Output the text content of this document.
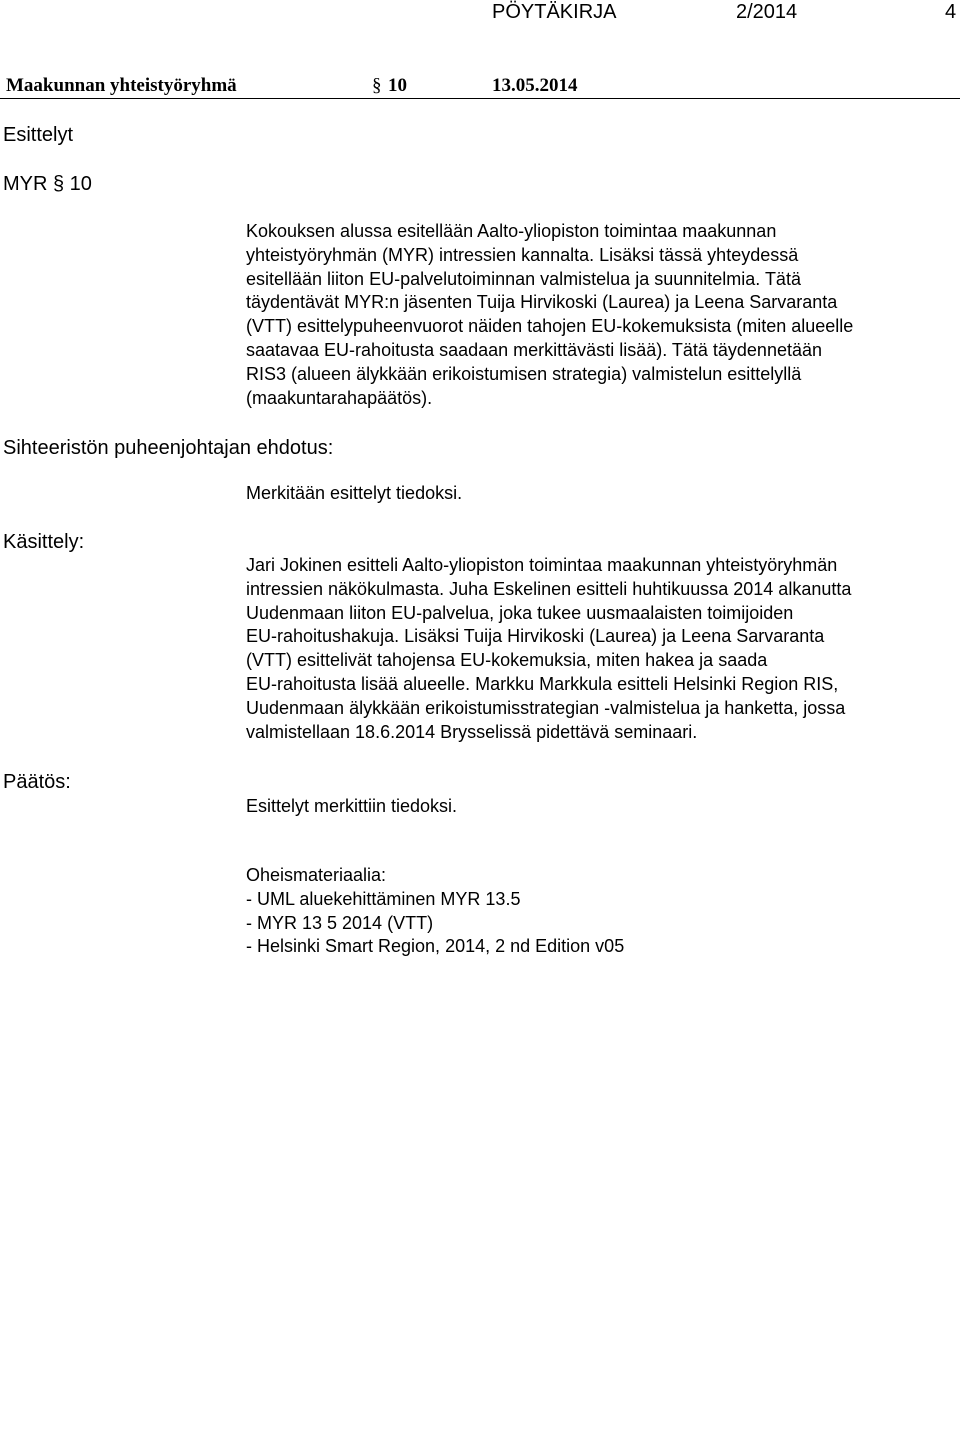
PÖYTÄKIRJA	2/2014	4
Maakunnan yhteistyöryhmä	§ 10	13.05.2014
Esittelyt
MYR § 10
Kokouksen alussa esitellään Aalto-yliopiston toimintaa maakunnan
yhteistyöryhmän (MYR) intressien kannalta. Lisäksi tässä yhteydessä
esitellään liiton EU-palvelutoiminnan valmistelua ja suunnitelmia. Tätä
täydentävät MYR:n jäsenten Tuija Hirvikoski (Laurea) ja Leena Sarvaranta
(VTT) esittelypuheenvuorot näiden tahojen EU-kokemuksista (miten alueelle
saatavaa EU-rahoitusta saadaan merkittävästi lisää). Tätä täydennetään
RIS3 (alueen älykkään erikoistumisen strategia) valmistelun esittelyllä
(maakuntarahapäätös).
Sihteeristön puheenjohtajan ehdotus:
Merkitään esittelyt tiedoksi.
Käsittely:
Jari Jokinen esitteli Aalto-yliopiston toimintaa maakunnan yhteistyöryhmän
intressien näkökulmasta. Juha Eskelinen esitteli huhtikuussa 2014 alkanutta
Uudenmaan liiton EU-palvelua, joka tukee uusmaalaisten toimijoiden
EU-rahoitushakuja. Lisäksi Tuija Hirvikoski (Laurea) ja Leena Sarvaranta
(VTT) esittelivät tahojensa EU-kokemuksia, miten hakea ja saada
EU-rahoitusta lisää alueelle. Markku Markkula esitteli Helsinki Region RIS,
Uudenmaan älykkään erikoistumisstrategian -valmistelua ja hanketta, jossa
valmistellaan 18.6.2014 Brysselissä pidettävä seminaari.
Päätös:
Esittelyt merkittiin tiedoksi.
Oheismateriaalia:
- UML aluekehittäminen MYR 13.5
- MYR 13 5 2014 (VTT)
- Helsinki Smart Region, 2014, 2 nd Edition v05
